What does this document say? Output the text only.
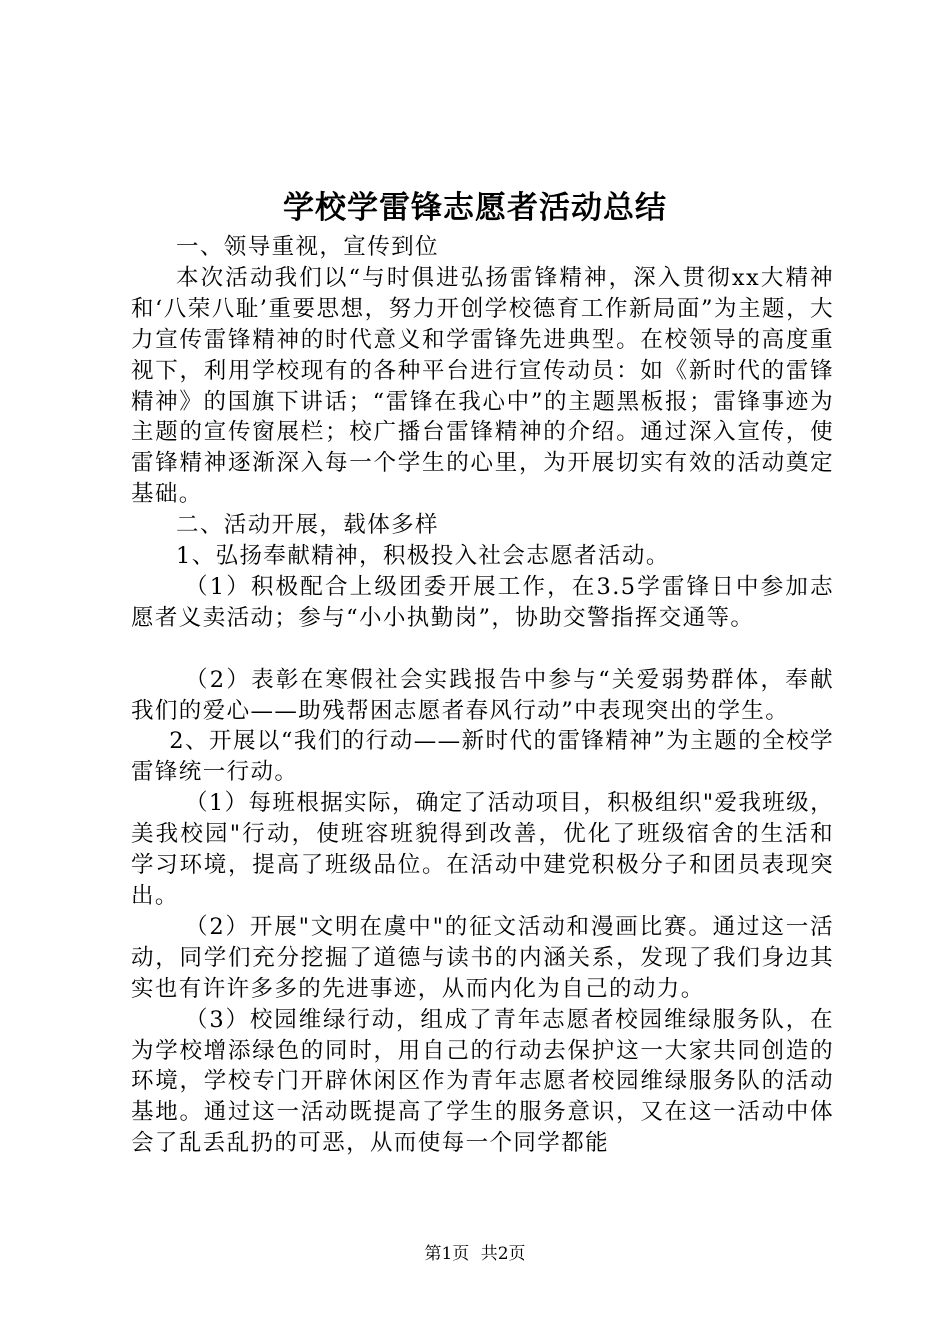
学校学雷锋志愿者活动总结

一、领导重视，宣传到位

本次活动我们以“与时俱进弘扬雷锋精神，深入贯彻xx大精神和‘八荣八耻’重要思想，努力开创学校德育工作新局面”为主题，大力宣传雷锋精神的时代意义和学雷锋先进典型。在校领导的高度重视下，利用学校现有的各种平台进行宣传动员：如《新时代的雷锋精神》的国旗下讲话；“雷锋在我心中”的主题黑板报；雷锋事迹为主题的宣传窗展栏；校广播台雷锋精神的介绍。通过深入宣传，使雷锋精神逐渐深入每一个学生的心里，为开展切实有效的活动奠定基础。

二、活动开展，载体多样

1、弘扬奉献精神，积极投入社会志愿者活动。

（1）积极配合上级团委开展工作，在3.5学雷锋日中参加志愿者义卖活动；参与“小小执勤岗”，协助交警指挥交通等。

（2）表彰在寒假社会实践报告中参与“关爱弱势群体，奉献我们的爱心——助残帮困志愿者春风行动”中表现突出的学生。

2、开展以“我们的行动——新时代的雷锋精神”为主题的全校学雷锋统一行动。

（1）每班根据实际，确定了活动项目，积极组织"爱我班级，美我校园"行动，使班容班貌得到改善，优化了班级宿舍的生活和学习环境，提高了班级品位。在活动中建党积极分子和团员表现突出。

（2）开展"文明在虞中"的征文活动和漫画比赛。通过这一活动，同学们充分挖掘了道德与读书的内涵关系，发现了我们身边其实也有许许多多的先进事迹，从而内化为自己的动力。

（3）校园维绿行动，组成了青年志愿者校园维绿服务队，在为学校增添绿色的同时，用自己的行动去保护这一大家共同创造的环境，学校专门开辟休闲区作为青年志愿者校园维绿服务队的活动基地。通过这一活动既提高了学生的服务意识，又在这一活动中体会了乱丢乱扔的可恶，从而使每一个同学都能

第1页 共2页
